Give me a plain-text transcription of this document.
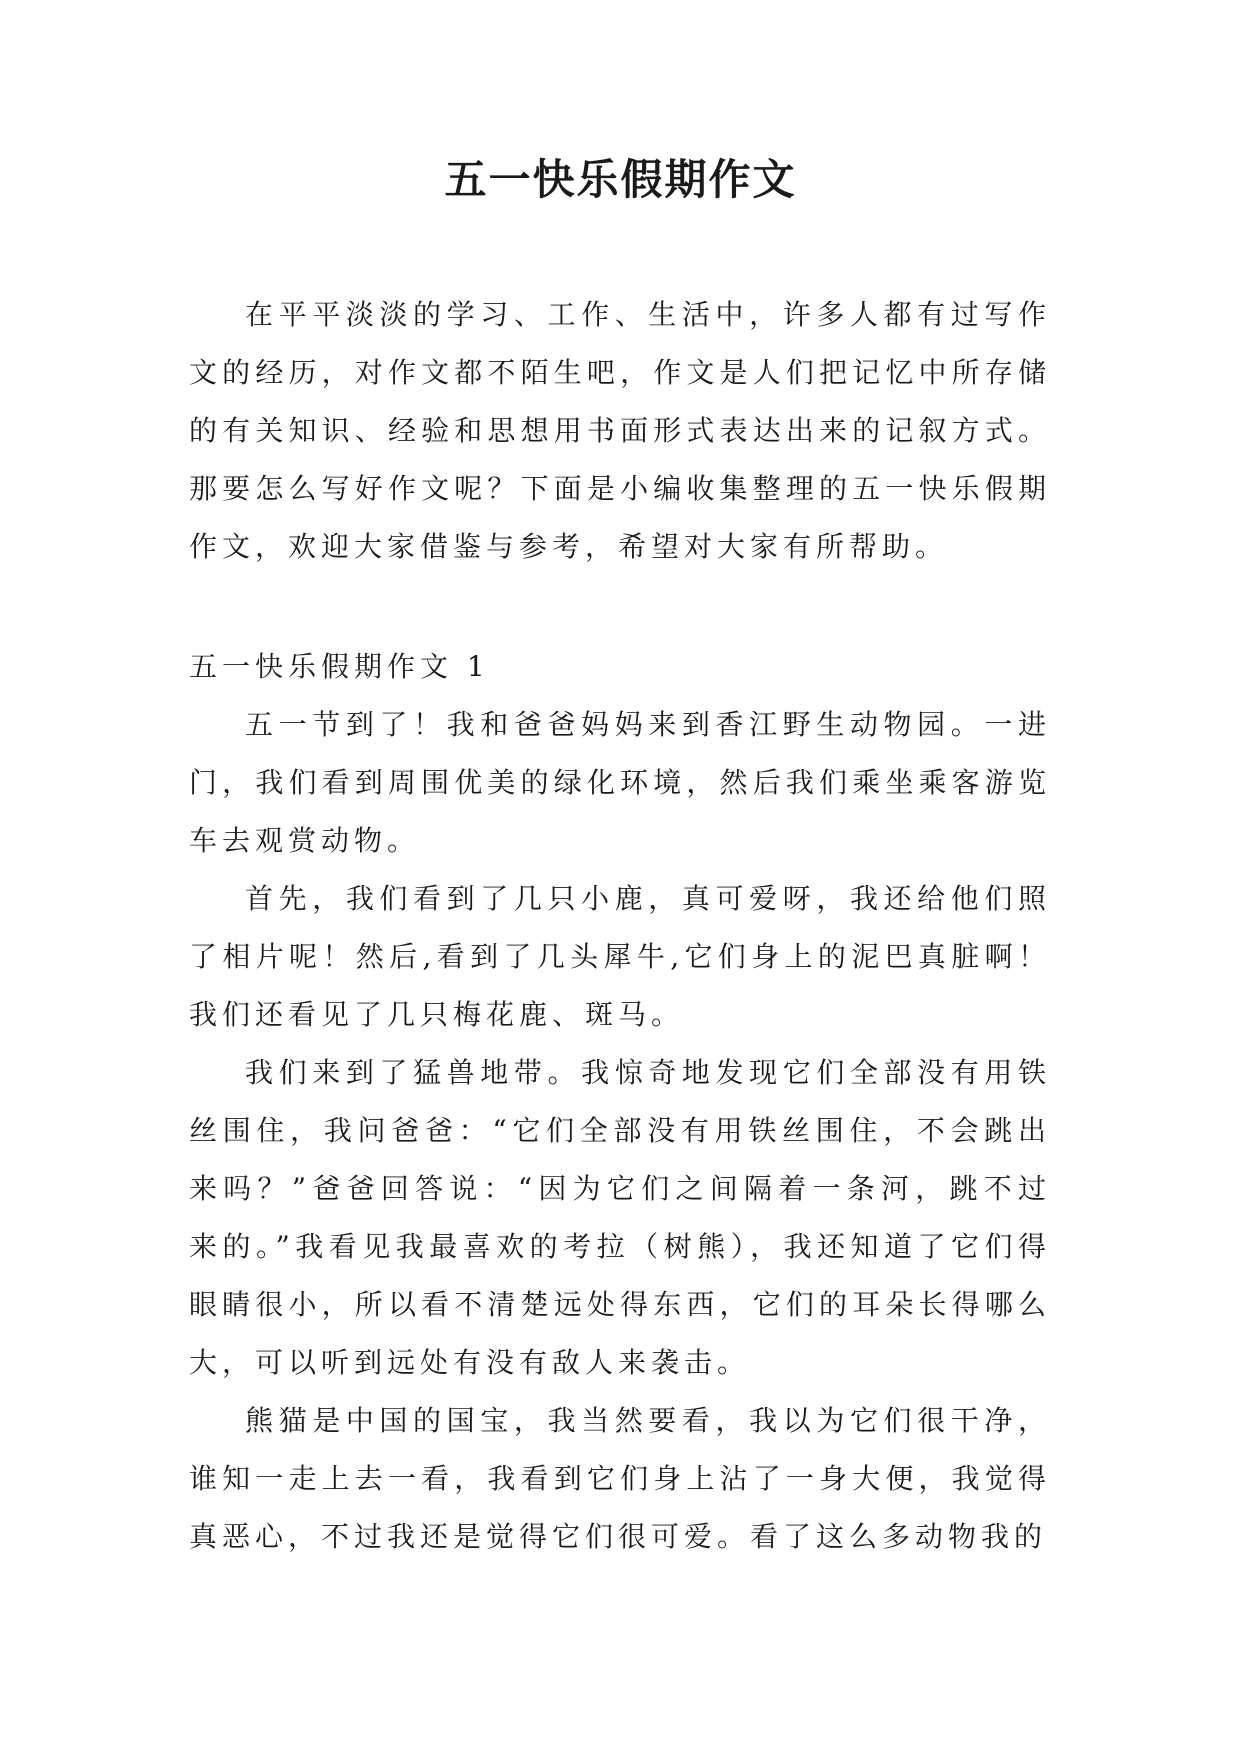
五一快乐假期作文

在平平淡淡的学习、工作、生活中，许多人都有过写作文的经历，对作文都不陌生吧，作文是人们把记忆中所存储的有关知识、经验和思想用书面形式表达出来的记叙方式。那要怎么写好作文呢？下面是小编收集整理的五一快乐假期作文，欢迎大家借鉴与参考，希望对大家有所帮助。

五一快乐假期作文 1

五一节到了！我和爸爸妈妈来到香江野生动物园。一进门，我们看到周围优美的绿化环境，然后我们乘坐乘客游览车去观赏动物。

首先，我们看到了几只小鹿，真可爱呀，我还给他们照了相片呢！然后,看到了几头犀牛,它们身上的泥巴真脏啊！我们还看见了几只梅花鹿、斑马。

我们来到了猛兽地带。我惊奇地发现它们全部没有用铁丝围住，我问爸爸：“它们全部没有用铁丝围住，不会跳出来吗？”爸爸回答说：“因为它们之间隔着一条河，跳不过来的。”我看见我最喜欢的考拉（树熊），我还知道了它们得眼睛很小，所以看不清楚远处得东西，它们的耳朵长得哪么大，可以听到远处有没有敌人来袭击。

熊猫是中国的国宝，我当然要看，我以为它们很干净，谁知一走上去一看，我看到它们身上沾了一身大便，我觉得真恶心，不过我还是觉得它们很可爱。看了这么多动物我的
